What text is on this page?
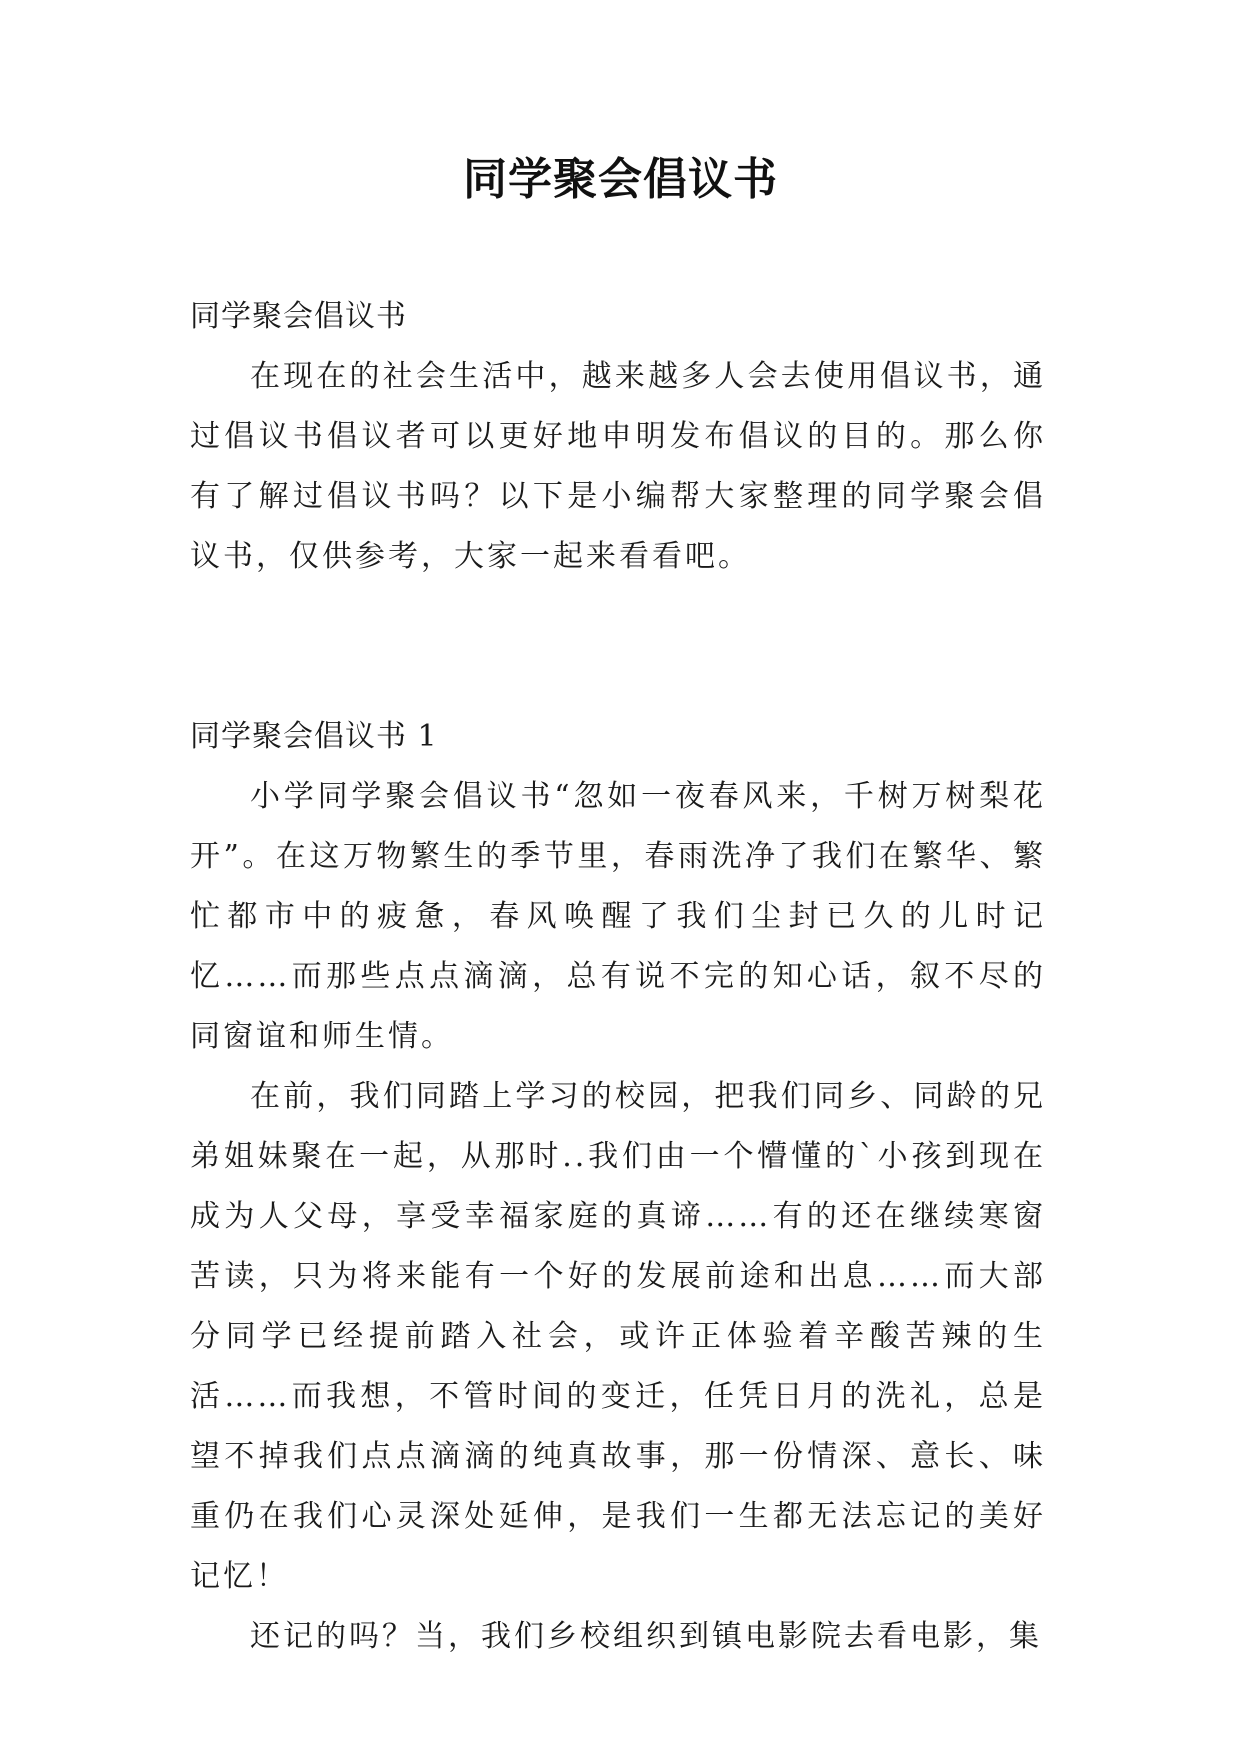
同学聚会倡议书

同学聚会倡议书

在现在的社会生活中，越来越多人会去使用倡议书，通过倡议书倡议者可以更好地申明发布倡议的目的。那么你有了解过倡议书吗？以下是小编帮大家整理的同学聚会倡议书，仅供参考，大家一起来看看吧。

同学聚会倡议书 1

小学同学聚会倡议书“忽如一夜春风来，千树万树梨花开”。在这万物繁生的季节里，春雨洗净了我们在繁华、繁忙都市中的疲惫，春风唤醒了我们尘封已久的儿时记忆……而那些点点滴滴，总有说不完的知心话，叙不尽的同窗谊和师生情。

在前，我们同踏上学习的校园，把我们同乡、同龄的兄弟姐妹聚在一起，从那时..我们由一个懵懂的`小孩到现在成为人父母，享受幸福家庭的真谛……有的还在继续寒窗苦读，只为将来能有一个好的发展前途和出息……而大部分同学已经提前踏入社会，或许正体验着辛酸苦辣的生活……而我想，不管时间的变迁，任凭日月的洗礼，总是望不掉我们点点滴滴的纯真故事，那一份情深、意长、味重仍在我们心灵深处延伸，是我们一生都无法忘记的美好记忆！

还记的吗？当，我们乡校组织到镇电影院去看电影，集
